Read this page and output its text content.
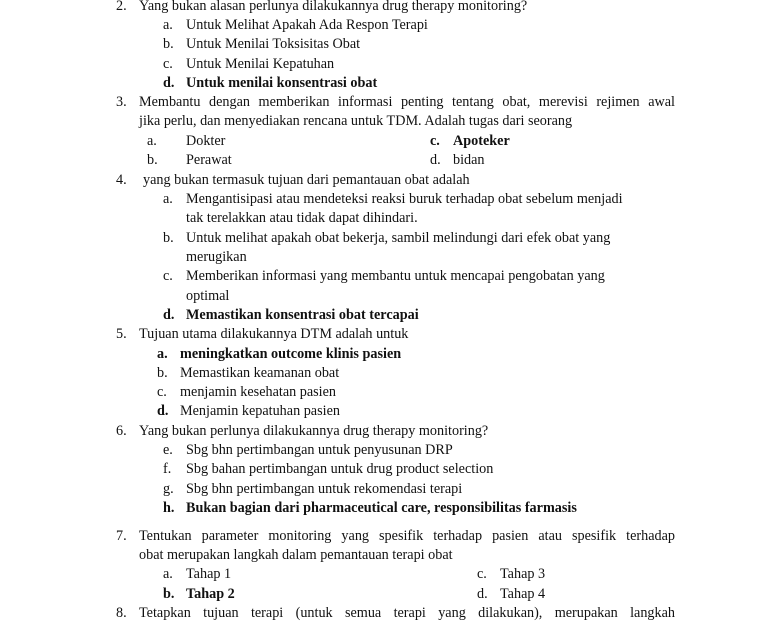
2. Yang bukan alasan perlunya dilakukannya drug therapy monitoring?
a. Untuk Melihat Apakah Ada Respon Terapi
b. Untuk Menilai Toksisitas Obat
c. Untuk Menilai Kepatuhan
d. Untuk menilai konsentrasi obat
3. Membantu dengan memberikan informasi penting tentang obat, merevisi rejimen awal
jika perlu, dan menyediakan rencana untuk TDM. Adalah tugas dari seorang
a. Dokter
b. Perawat
c. Apoteker
d. bidan
4. yang bukan termasuk tujuan dari pemantauan obat adalah
a. Mengantisipasi atau mendeteksi reaksi buruk terhadap obat sebelum menjadi
tak terelakkan atau tidak dapat dihindari.
b. Untuk melihat apakah obat bekerja, sambil melindungi dari efek obat yang
merugikan
c. Memberikan informasi yang membantu untuk mencapai pengobatan yang
optimal
d. Memastikan konsentrasi obat tercapai
5. Tujuan utama dilakukannya DTM adalah untuk
a. meningkatkan outcome klinis pasien
b. Memastikan keamanan obat
c. menjamin kesehatan pasien
d. Menjamin kepatuhan pasien
6. Yang bukan perlunya dilakukannya drug therapy monitoring?
e. Sbg bhn pertimbangan untuk penyusunan DRP
f. Sbg bahan pertimbangan untuk drug product selection
g. Sbg bhn pertimbangan untuk rekomendasi terapi
h. Bukan bagian dari pharmaceutical care, responsibilitas farmasis
7. Tentukan parameter monitoring yang spesifik terhadap pasien atau spesifik terhadap
obat merupakan langkah dalam pemantauan terapi obat
a. Tahap 1
b. Tahap 2
c. Tahap 3
d. Tahap 4
8. Tetapkan tujuan terapi (untuk semua terapi yang dilakukan), merupakan langkah
